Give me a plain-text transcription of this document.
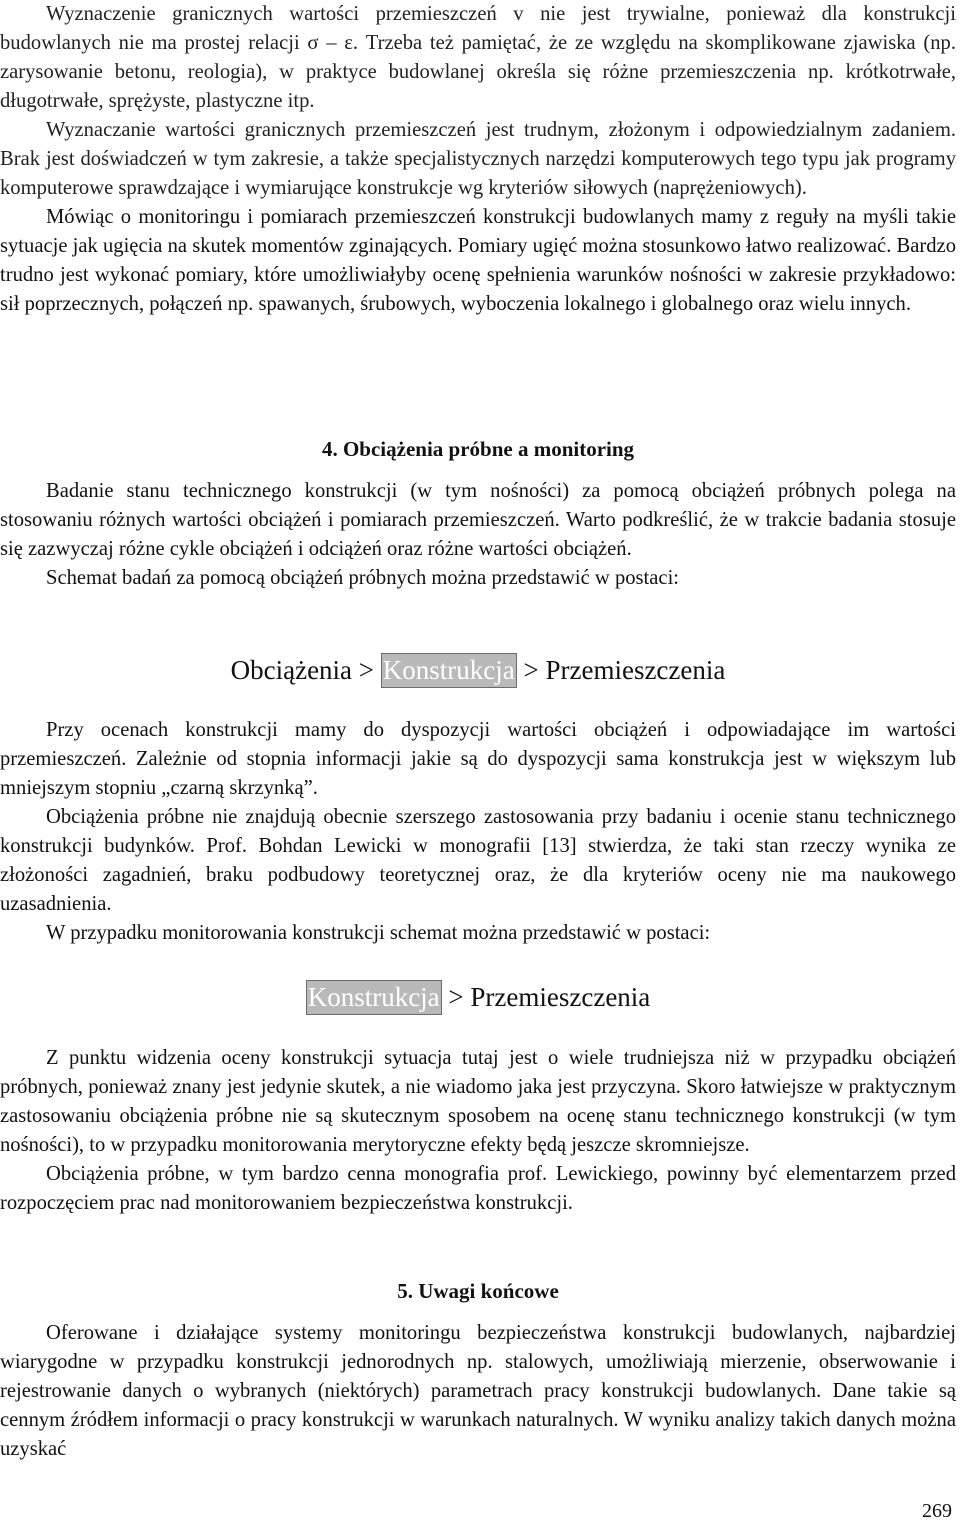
Wyznaczenie granicznych wartości przemieszczeń v nie jest trywialne, ponieważ dla konstrukcji budowlanych nie ma prostej relacji σ – ε. Trzeba też pamiętać, że ze względu na skomplikowane zjawiska (np. zarysowanie betonu, reologia), w praktyce budowlanej określa się różne przemieszczenia np. krótkotrwałe, długotrwałe, sprężyste, plastyczne itp.

Wyznaczanie wartości granicznych przemieszczeń jest trudnym, złożonym i odpowiedzialnym zadaniem. Brak jest doświadczeń w tym zakresie, a także specjalistycznych narzędzi komputerowych tego typu jak programy komputerowe sprawdzające i wymiarujące konstrukcje wg kryteriów siłowych (naprężeniowych).

Mówiąc o monitoringu i pomiarach przemieszczeń konstrukcji budowlanych mamy z reguły na myśli takie sytuacje jak ugięcia na skutek momentów zginających. Pomiary ugięć można stosunkowo łatwo realizować. Bardzo trudno jest wykonać pomiary, które umożliwiałyby ocenę spełnienia warunków nośności w zakresie przykładowo: sił poprzecznych, połączeń np. spawanych, śrubowych, wyboczenia lokalnego i globalnego oraz wielu innych.

4. Obciążenia próbne a monitoring

Badanie stanu technicznego konstrukcji (w tym nośności) za pomocą obciążeń próbnych polega na stosowaniu różnych wartości obciążeń i pomiarach przemieszczeń. Warto podkreślić, że w trakcie badania stosuje się zazwyczaj różne cykle obciążeń i odciążeń oraz różne wartości obciążeń.

Schemat badań za pomocą obciążeń próbnych można przedstawić w postaci:

Obciążenia > Konstrukcja > Przemieszczenia

Przy ocenach konstrukcji mamy do dyspozycji wartości obciążeń i odpowiadające im wartości przemieszczeń. Zależnie od stopnia informacji jakie są do dyspozycji sama konstrukcja jest w większym lub mniejszym stopniu „czarną skrzynką”.

Obciążenia próbne nie znajdują obecnie szerszego zastosowania przy badaniu i ocenie stanu technicznego konstrukcji budynków. Prof. Bohdan Lewicki w monografii [13] stwierdza, że taki stan rzeczy wynika ze złożoności zagadnień, braku podbudowy teoretycznej oraz, że dla kryteriów oceny nie ma naukowego uzasadnienia.

W przypadku monitorowania konstrukcji schemat można przedstawić w postaci:

Konstrukcja > Przemieszczenia

Z punktu widzenia oceny konstrukcji sytuacja tutaj jest o wiele trudniejsza niż w przypadku obciążeń próbnych, ponieważ znany jest jedynie skutek, a nie wiadomo jaka jest przyczyna. Skoro łatwiejsze w praktycznym zastosowaniu obciążenia próbne nie są skutecznym sposobem na ocenę stanu technicznego konstrukcji (w tym nośności), to w przypadku monitorowania merytoryczne efekty będą jeszcze skromniejsze.

Obciążenia próbne, w tym bardzo cenna monografia prof. Lewickiego, powinny być elementarzem przed rozpoczęciem prac nad monitorowaniem bezpieczeństwa konstrukcji.

5. Uwagi końcowe

Oferowane i działające systemy monitoringu bezpieczeństwa konstrukcji budowlanych, najbardziej wiarygodne w przypadku konstrukcji jednorodnych np. stalowych, umożliwiają mierzenie, obserwowanie i rejestrowanie danych o wybranych (niektórych) parametrach pracy konstrukcji budowlanych. Dane takie są cennym źródłem informacji o pracy konstrukcji w warunkach naturalnych. W wyniku analizy takich danych można uzyskać

269
